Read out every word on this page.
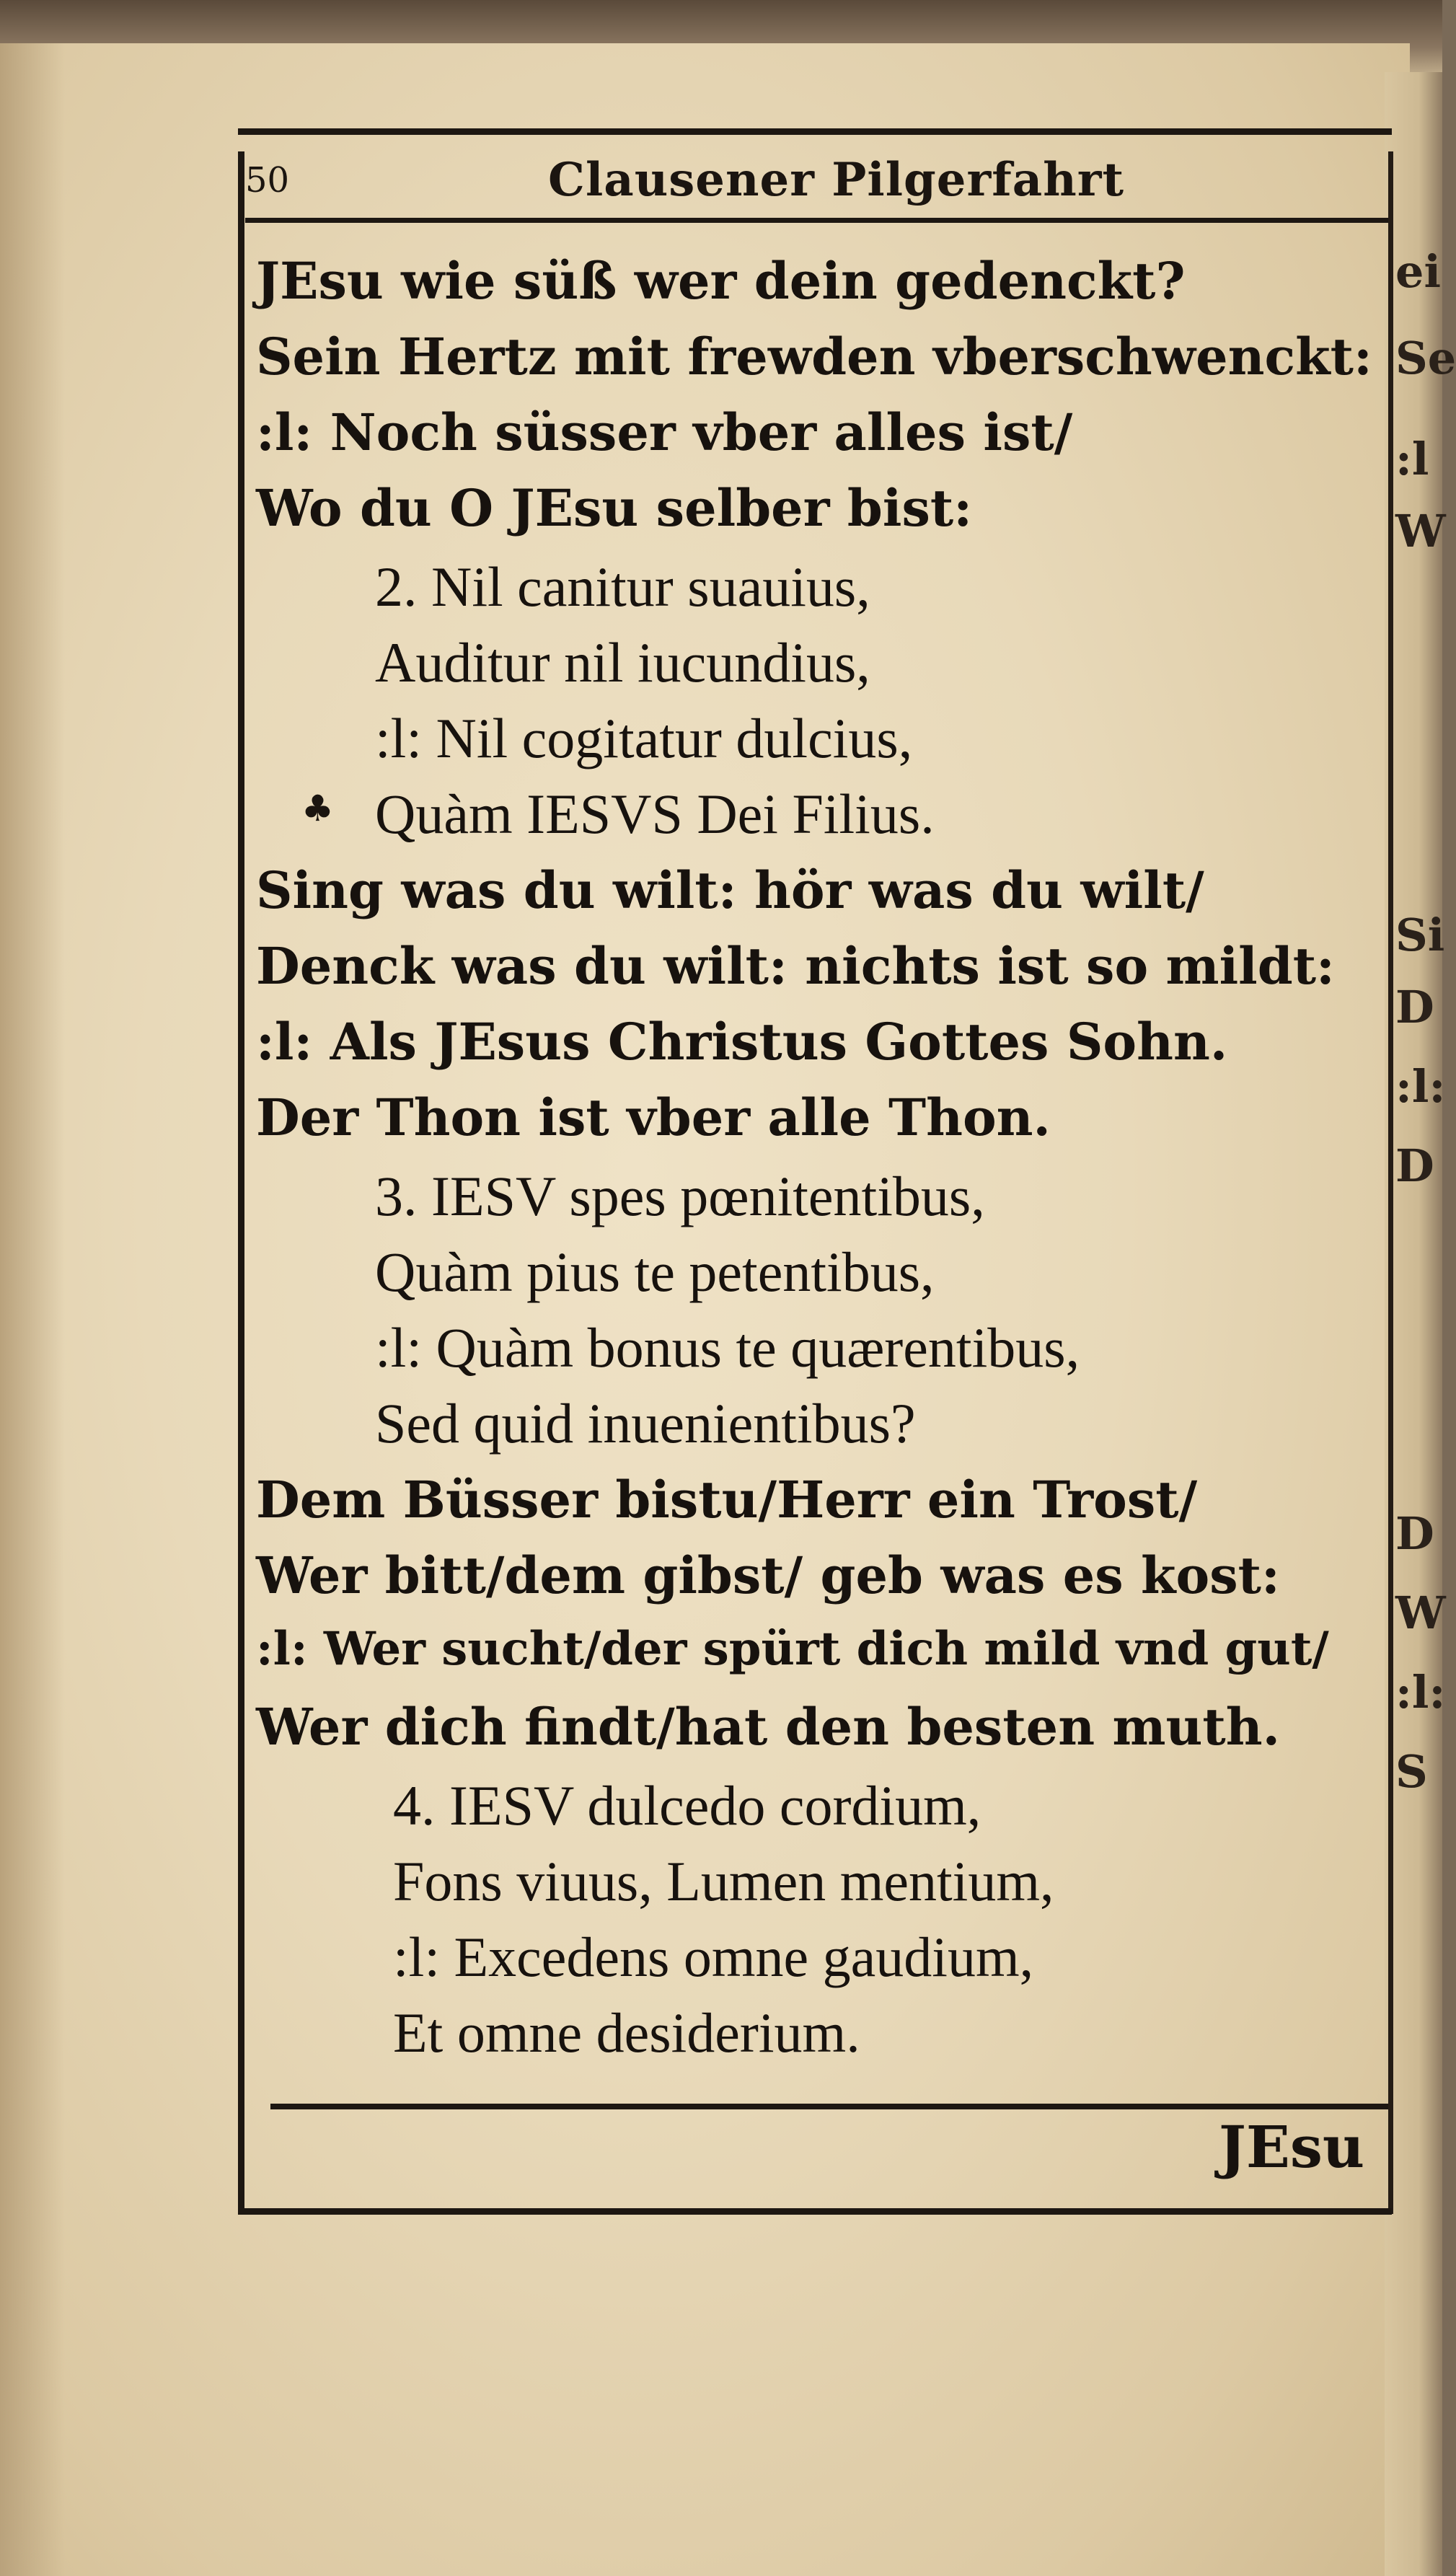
ei
Se
:l
W
Si
D
:l:
D
D
W
:l:
S
50	Clausener Pilgerfahrt
JEsu wie süß wer dein gedenckt?
Sein Hertz mit frewden vberschwenckt:
:l: Noch süsser vber alles ist/
Wo du O JEsu selber bist:
2. Nil canitur suauius,
Auditur nil iucundius,
:l: Nil cogitatur dulcius,
♣ Quàm IESVS Dei Filius.
Sing was du wilt: hör was du wilt/
Denck was du wilt: nichts ist so mildt:
:l: Als JEsus Christus Gottes Sohn.
Der Thon ist vber alle Thon.
3. IESV spes pœnitentibus,
Quàm pius te petentibus,
:l: Quàm bonus te quærentibus,
Sed quid inuenientibus?
Dem Büsser bistu/Herr ein Trost/
Wer bitt/dem gibst/ geb was es kost:
:l: Wer sucht/der spürt dich mild vnd gut/
Wer dich findt/hat den besten muth.
4. IESV dulcedo cordium,
Fons viuus, Lumen mentium,
:l: Excedens omne gaudium,
Et omne desiderium.
JEsu
